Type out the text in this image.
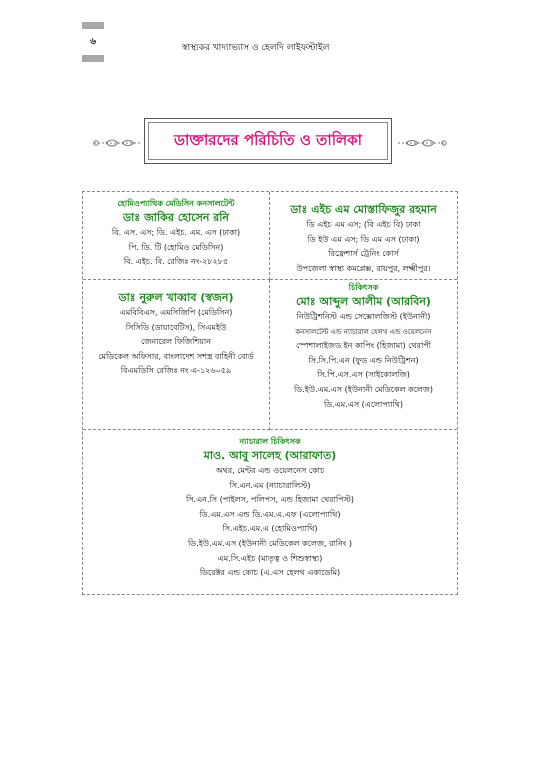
৬
স্বাস্থ্যকর খাদ্যাভ্যাস ও হেলদি লাইফস্টাইল
ডাক্তারদের পরিচিতি ও তালিকা
হোমিওপ্যাথিক মেডিসিন কনসালটেন্ট
ডাঃ জাকির হোসেন রনি
বি. এস. এস; ডি. এইচ. এম. এস (ঢাকা)
পি. ডি. টি (হোমিও মেডিসিন)
বি. এইচ. বি. রেজিঃ নং-২৮২৮৫
ডাঃ এইচ এম মোস্তাফিজুর রহমান
ডি এইচ এম এস; (বি এইচ বি) ঢাকা
ডি ইউ এম এস; ডি এম এস (ঢাকা)
রিফ্রেশার্স ট্রেনিং কোর্স
উপজেলা স্বাস্থ্য কমপ্লেক্স, রায়পুর, লক্ষ্মীপুর।
ডাঃ নুরুল খাব্বাব (স্বজন)
এমবিবিএস, এমসিজিপি (মেডিসিন)
সিসিডি (ডায়াবেটিস), সিএমইউ
জেনারেল ফিজিশিয়ান
মেডিকেল অফিসার, বাংলাদেশ সশস্ত্র বাহিনী বোর্ড
বিএমডিসি রেজিঃ নং এ-১২৬০৫৯
চিকিৎসক
মোঃ আব্দুল আলীম (আরবিন)
নিউট্রিশনিস্ট এন্ড সেক্সোলজিস্ট (ইউনানী)
কনসালটেন্ট এন্ড ন্যাচারাল হেলথ এন্ড ওয়েলনেস
স্পেশালাইজড ইন কাপিং (হিজামা) থেরাপী
সি.সি.পি.এন (ফুড এন্ড নিউট্রিশন)
সি.পি.এস.এস (সাইকোলজি)
ডি.ইউ.এম.এস (ইউনানী মেডিকেল কলেজ)
ডি.এম.এস (এলোপ্যাথি)
ন্যাচারাল চিকিৎসক
মাও. আবু সালেহ (আরাফাত)
অথর, মেন্টর এন্ড ওয়েলনেস কোচ
সি.এন.এম (ন্যাচারালিস্ট)
সি.এন.সি (পাইলস, পলিপস, এন্ড হিজামা থেরাপিস্ট)
ডি.এম.এস এন্ড ডি.এম.এ.এফ (এলোপ্যাথি)
সি.এইচ.এম.এ (হোমিওপ্যাথি)
ডি.ইউ.এম.এস (ইউনানী মেডিকেল কলেজ, রানিং )
এম.সি.এইচ (মাতৃত্ব ও শিশুস্বাস্থ্য)
ডিরেক্টর এন্ড কোচ (এ.এস হেলথ একাডেমি)
